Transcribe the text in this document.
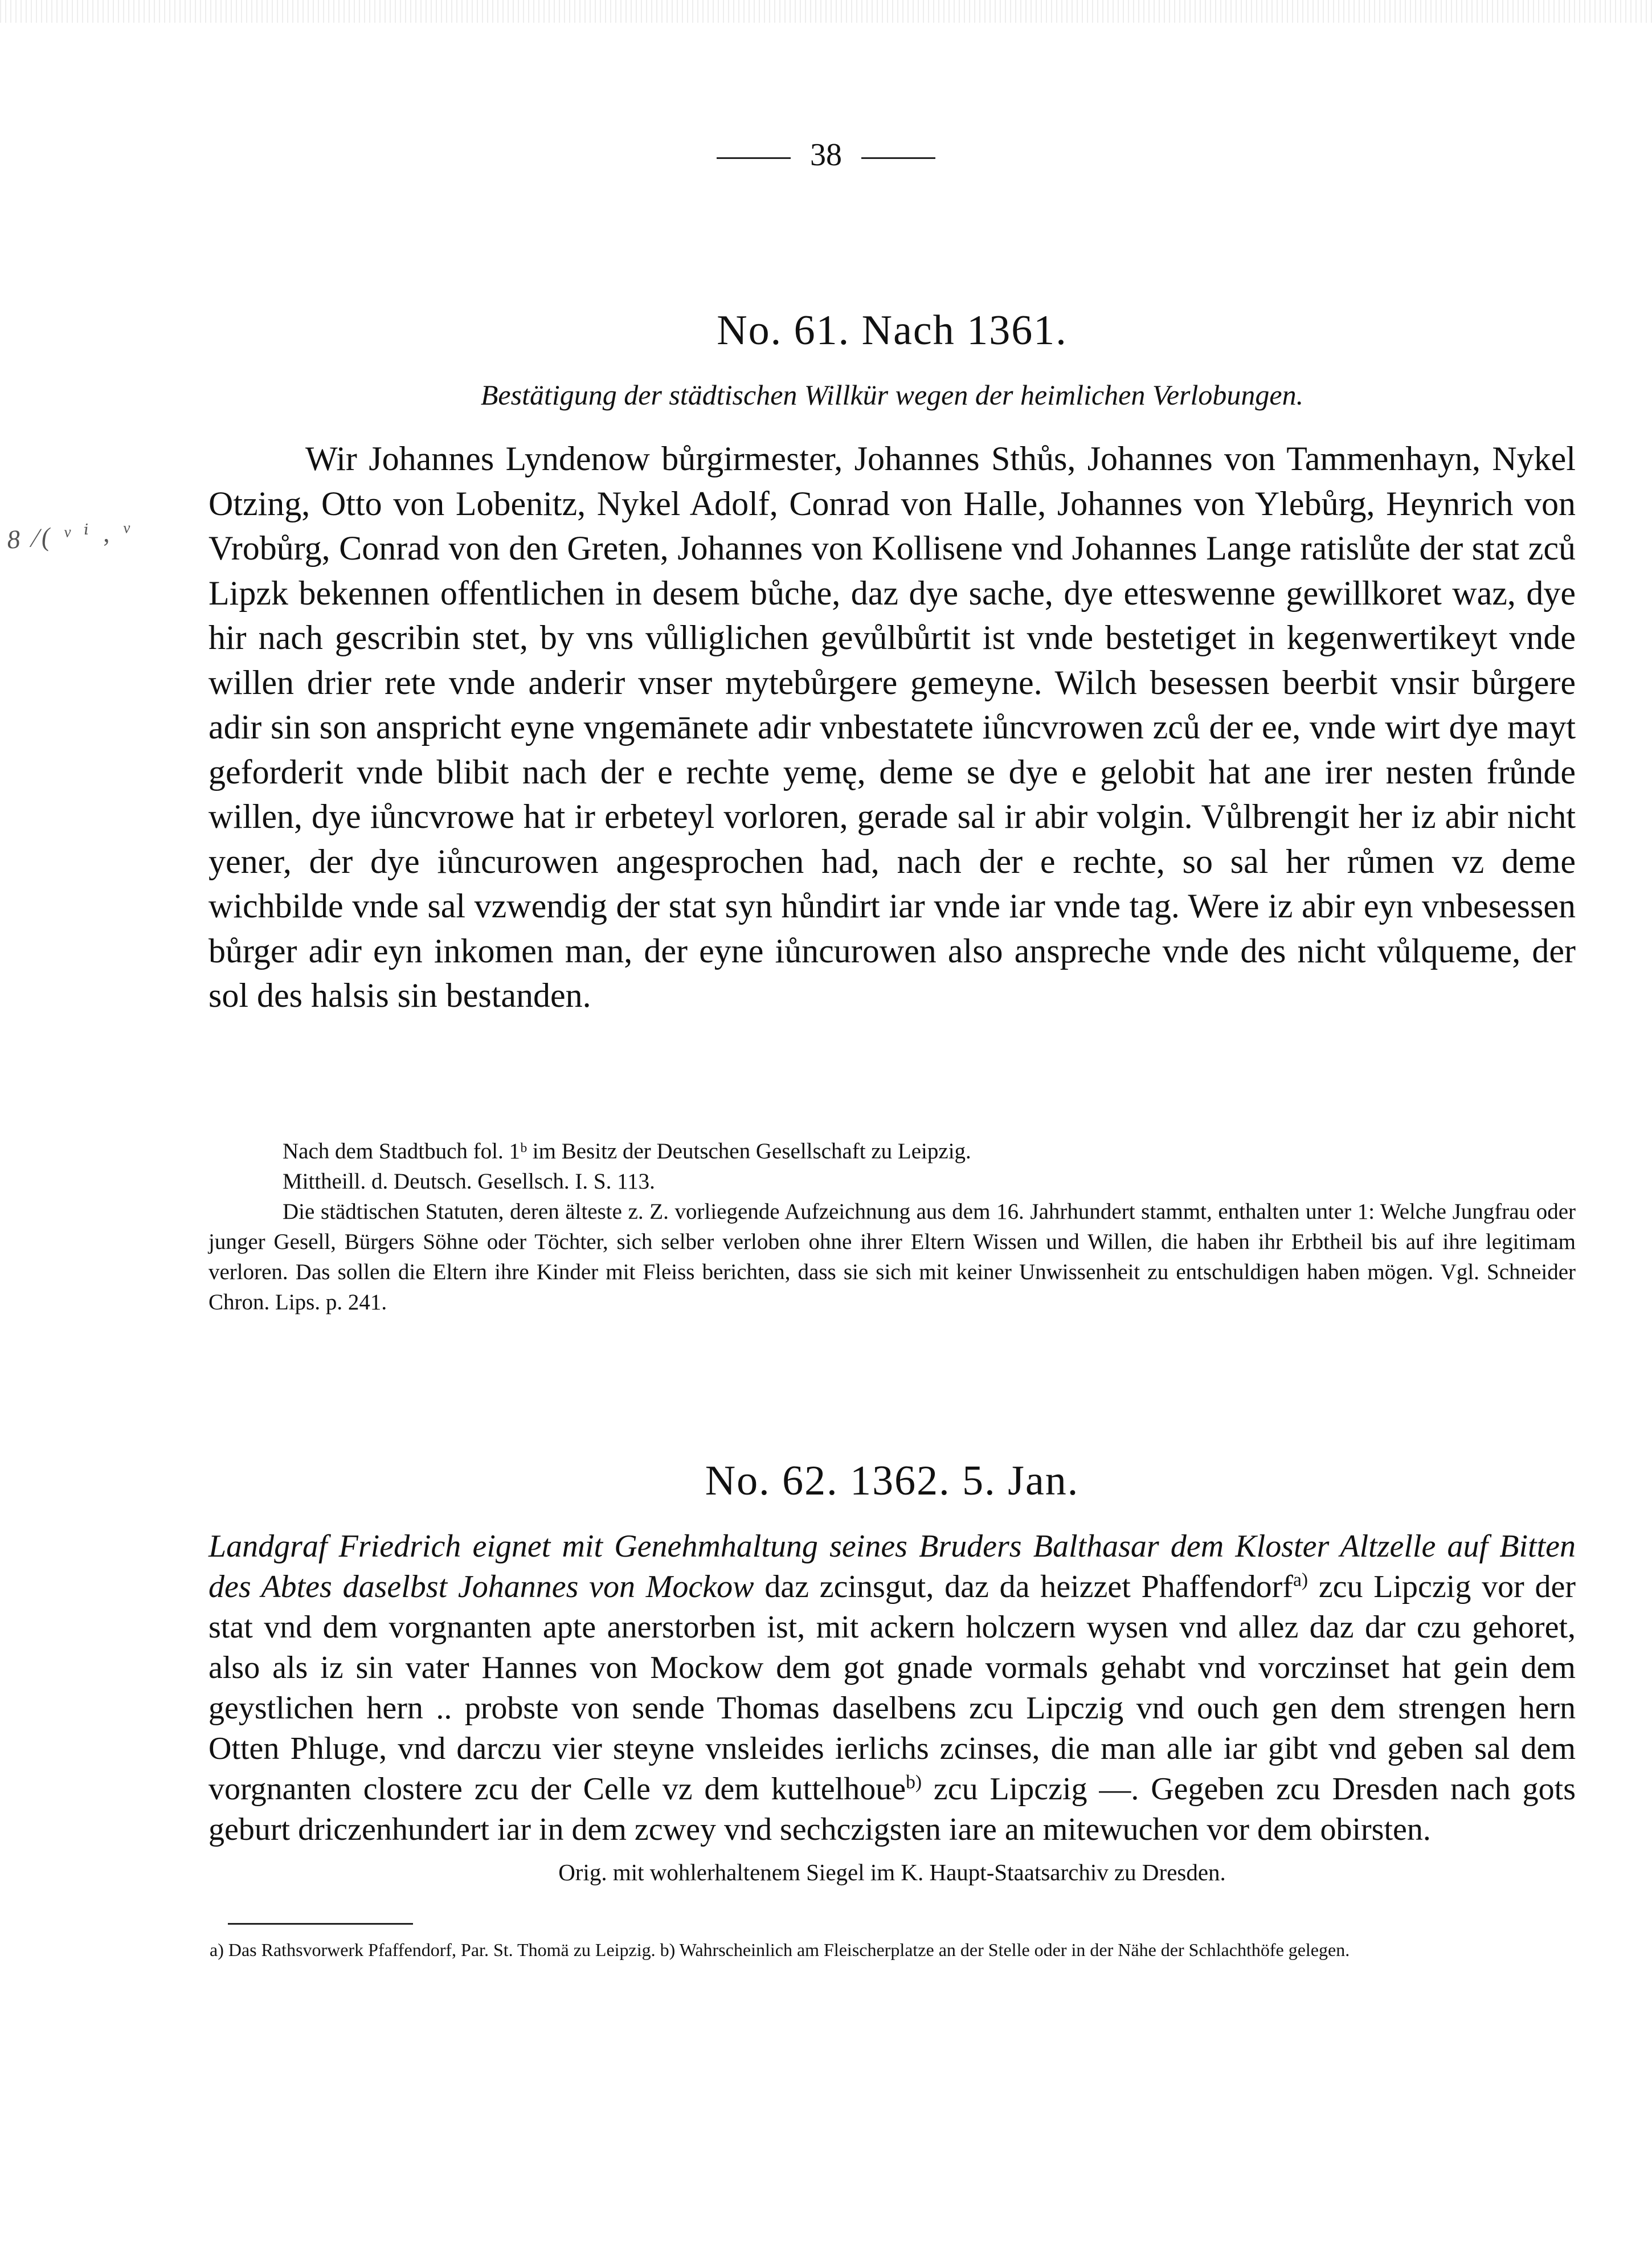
38
8 ⁄( ᵛ ⁱ , ᵛ

No. 61. Nach 1361.

Bestätigung der städtischen Willkür wegen der heimlichen Verlobungen.

Wir Johannes Lyndenow bůrgirmester, Johannes Sthůs, Johannes von Tammenhayn, Nykel Otzing, Otto von Lobenitz, Nykel Adolf, Conrad von Halle, Johannes von Ylebůrg, Heynrich von Vrobůrg, Conrad von den Greten, Johannes von Kollisene vnd Johannes Lange ratislůte der stat zců Lipzk bekennen offentlichen in desem bůche, daz dye sache, dye etteswenne gewillkoret waz, dye hir nach gescribin stet, by vns vůlliglichen gevůlbůrtit ist vnde bestetiget in kegenwertikeyt vnde willen drier rete vnde anderir vnser mytebůrgere gemeyne. Wilch besessen beerbit vnsir bůrgere adir sin son anspricht eyne vngemānete adir vnbestatete iůncvrowen zců der ee, vnde wirt dye mayt geforderit vnde blibit nach der e rechte yemę, deme se dye e gelobit hat ane irer nesten frůnde willen, dye iůncvrowe hat ir erbeteyl vorloren, gerade sal ir abir volgin. Vůlbrengit her iz abir nicht yener, der dye iůncurowen angesprochen had, nach der e rechte, so sal her růmen vz deme wichbilde vnde sal vzwendig der stat syn hůndirt iar vnde iar vnde tag. Were iz abir eyn vnbesessen bůrger adir eyn inkomen man, der eyne iůncurowen also anspreche vnde des nicht vůlqueme, der sol des halsis sin bestanden.

Nach dem Stadtbuch fol. 1ᵇ im Besitz der Deutschen Gesellschaft zu Leipzig.
Mittheill. d. Deutsch. Gesellsch. I. S. 113.
Die städtischen Statuten, deren älteste z. Z. vorliegende Aufzeichnung aus dem 16. Jahrhundert stammt, enthalten unter 1: Welche Jungfrau oder junger Gesell, Bürgers Söhne oder Töchter, sich selber verloben ohne ihrer Eltern Wissen und Willen, die haben ihr Erbtheil bis auf ihre legitimam verloren. Das sollen die Eltern ihre Kinder mit Fleiss berichten, dass sie sich mit keiner Unwissenheit zu entschuldigen haben mögen. Vgl. Schneider Chron. Lips. p. 241.

No. 62. 1362. 5. Jan.

Landgraf Friedrich eignet mit Genehmhaltung seines Bruders Balthasar dem Kloster Altzelle auf Bitten des Abtes daselbst Johannes von Mockow daz zcinsgut, daz da heizzet Phaffendorf$^{a)}$ zcu Lipczig vor der stat vnd dem vorgnanten apte anerstorben ist, mit ackern holczern wysen vnd allez daz dar czu gehoret, also als iz sin vater Hannes von Mockow dem got gnade vormals gehabt vnd vorczinset hat gein dem geystlichen hern .. probste von sende Thomas daselbens zcu Lipczig vnd ouch gen dem strengen hern Otten Phluge, vnd darczu vier steyne vnsleides ierlichs zcinses, die man alle iar gibt vnd geben sal dem vorgnanten clostere zcu der Celle vz dem kuttelhoue$^{b)}$ zcu Lipczig —. Gegeben zcu Dresden nach gots geburt driczenhundert iar in dem zcwey vnd sechczigsten iare an mitewuchen vor dem obirsten.

Orig. mit wohlerhaltenem Siegel im K. Haupt-Staatsarchiv zu Dresden.

a) Das Rathsvorwerk Pfaffendorf, Par. St. Thomä zu Leipzig. b) Wahrscheinlich am Fleischerplatze an der Stelle oder in der Nähe der Schlachthöfe gelegen.
